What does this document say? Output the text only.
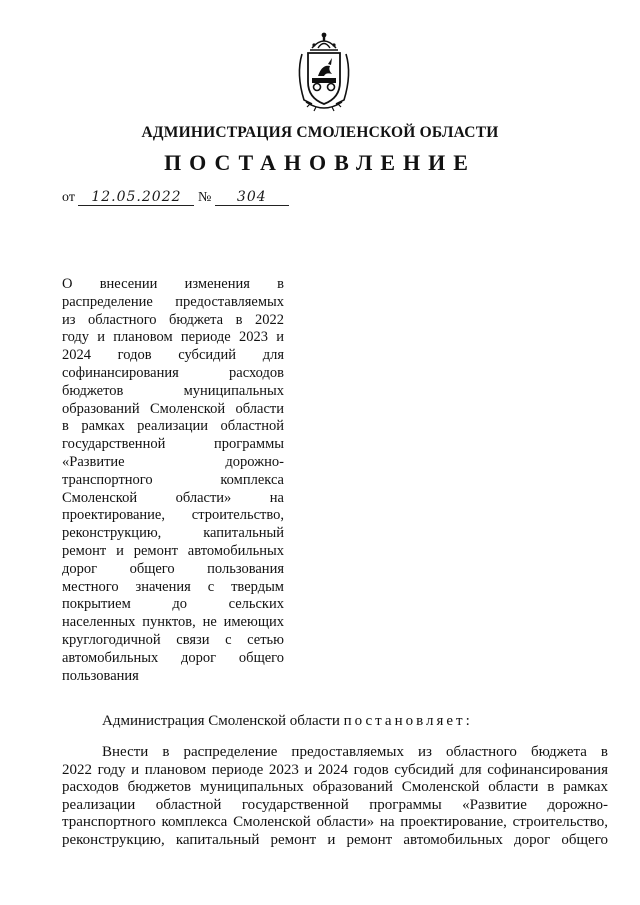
АДМИНИСТРАЦИЯ СМОЛЕНСКОЙ ОБЛАСТИ
ПОСТАНОВЛЕНИЕ
от 12.05.2022 № 304
О внесении изменения в
распределение предоставляемых
из областного бюджета в 2022
году и плановом периоде 2023 и
2024 годов субсидий для
софинансирования расходов
бюджетов муниципальных
образований Смоленской области
в рамках реализации областной
государственной программы
«Развитие дорожно-
транспортного комплекса
Смоленской области» на
проектирование, строительство,
реконструкцию, капитальный
ремонт и ремонт автомобильных
дорог общего пользования
местного значения с твердым
покрытием до сельских
населенных пунктов, не имеющих
круглогодичной связи с сетью
автомобильных дорог общего
пользования
Администрация Смоленской области постановляет:
Внести в распределение предоставляемых из областного бюджета в
2022 году и плановом периоде 2023 и 2024 годов субсидий для софинансирования
расходов бюджетов муниципальных образований Смоленской области в рамках
реализации областной государственной программы «Развитие дорожно-
транспортного комплекса Смоленской области» на проектирование, строительство,
реконструкцию, капитальный ремонт и ремонт автомобильных дорог общего
